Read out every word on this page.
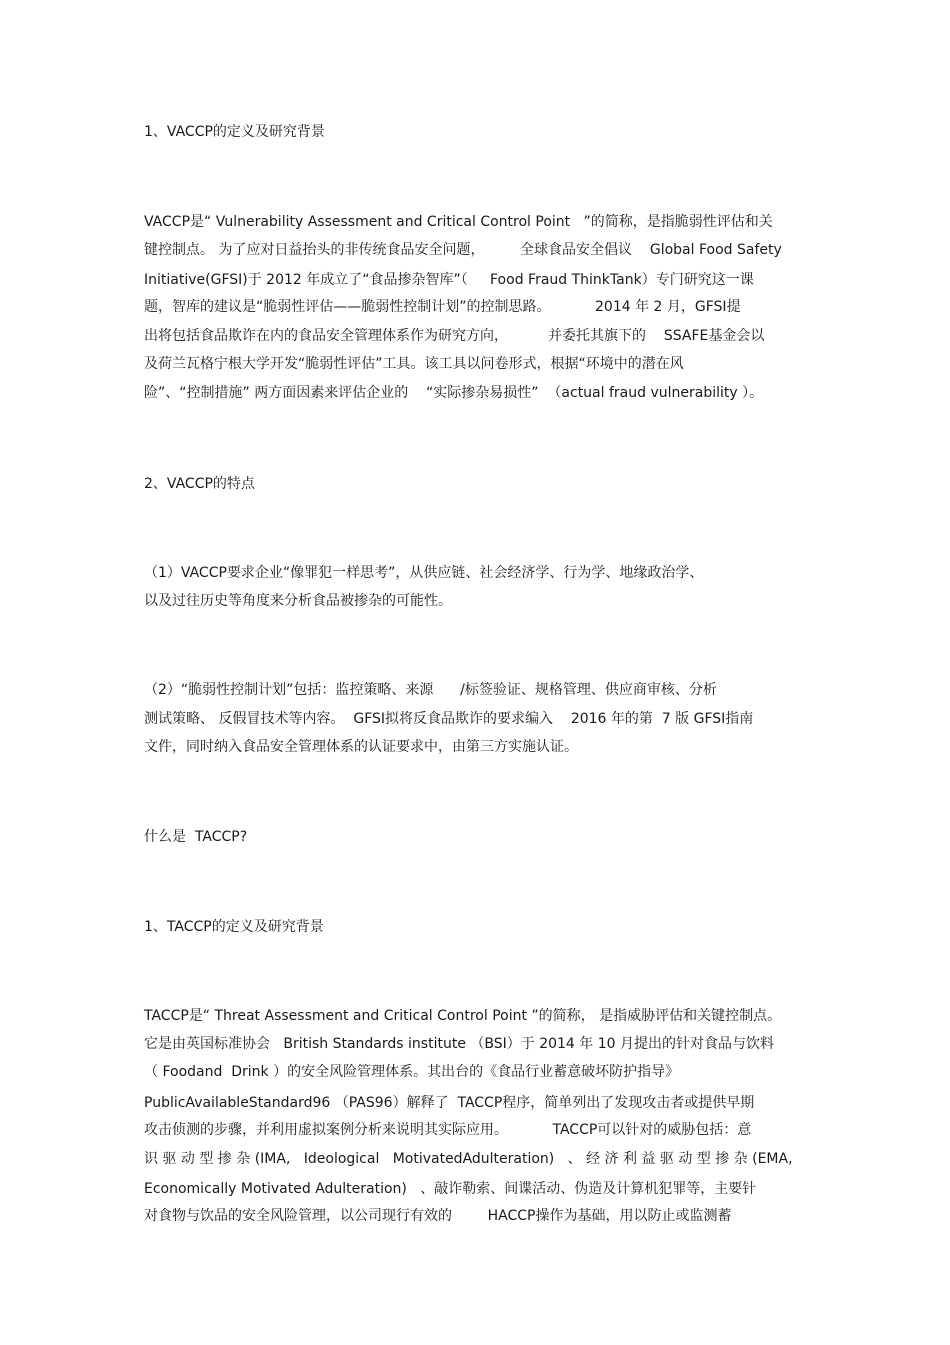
1、VACCP的定义及研究背景
VACCP是“ Vulnerability Assessment and Critical Control Point   ”的简称，是指脆弱性评估和关
键控制点。 为了应对日益抬头的非传统食品安全问题，        全球食品安全倡议    Global Food Safety
Initiative(GFSI)于 2012 年成立了“食品掺杂智库”（     Food Fraud ThinkTank）专门研究这一课
题，智库的建议是“脆弱性评估——脆弱性控制计划”的控制思路。          2014 年 2 月，GFSI提
出将包括食品欺诈在内的食品安全管理体系作为研究方向，         并委托其旗下的    SSAFE基金会以
及荷兰瓦格宁根大学开发“脆弱性评估”工具。该工具以问卷形式，根据“环境中的潜在风
险”、“控制措施” 两方面因素来评估企业的    “实际掺杂易损性”  （actual fraud vulnerability ）。
2、VACCP的特点
（1）VACCP要求企业“像罪犯一样思考”，从供应链、社会经济学、行为学、地缘政治学、
以及过往历史等角度来分析食品被掺杂的可能性。
（2）“脆弱性控制计划”包括：监控策略、来源      /标签验证、规格管理、供应商审核、分析
测试策略、 反假冒技术等内容。  GFSI拟将反食品欺诈的要求编入    2016 年的第  7 版 GFSI指南
文件，同时纳入食品安全管理体系的认证要求中，由第三方实施认证。
什么是  TACCP?
1、TACCP的定义及研究背景
TACCP是“ Threat Assessment and Critical Control Point ”的简称， 是指威胁评估和关键控制点。
它是由英国标准协会   British Standards institute （BSI）于 2014 年 10 月提出的针对食品与饮料
（ Foodand  Drink ）的安全风险管理体系。其出台的《食品行业蓄意破坏防护指导》
PublicAvailableStandard96 （PAS96）解释了  TACCP程序，简单列出了发现攻击者或提供早期
攻击侦测的步骤，并利用虚拟案例分析来说明其实际应用。          TACCP可以针对的威胁包括：意
识 驱 动 型 掺 杂 (IMA,   Ideological   MotivatedAdulteration)   、 经 济 利 益 驱 动 型 掺 杂 (EMA,
Economically Motivated Adulteration)   、敲诈勒索、间谍活动、伪造及计算机犯罪等，主要针
对食物与饮品的安全风险管理，以公司现行有效的        HACCP操作为基础，用以防止或监测蓄
